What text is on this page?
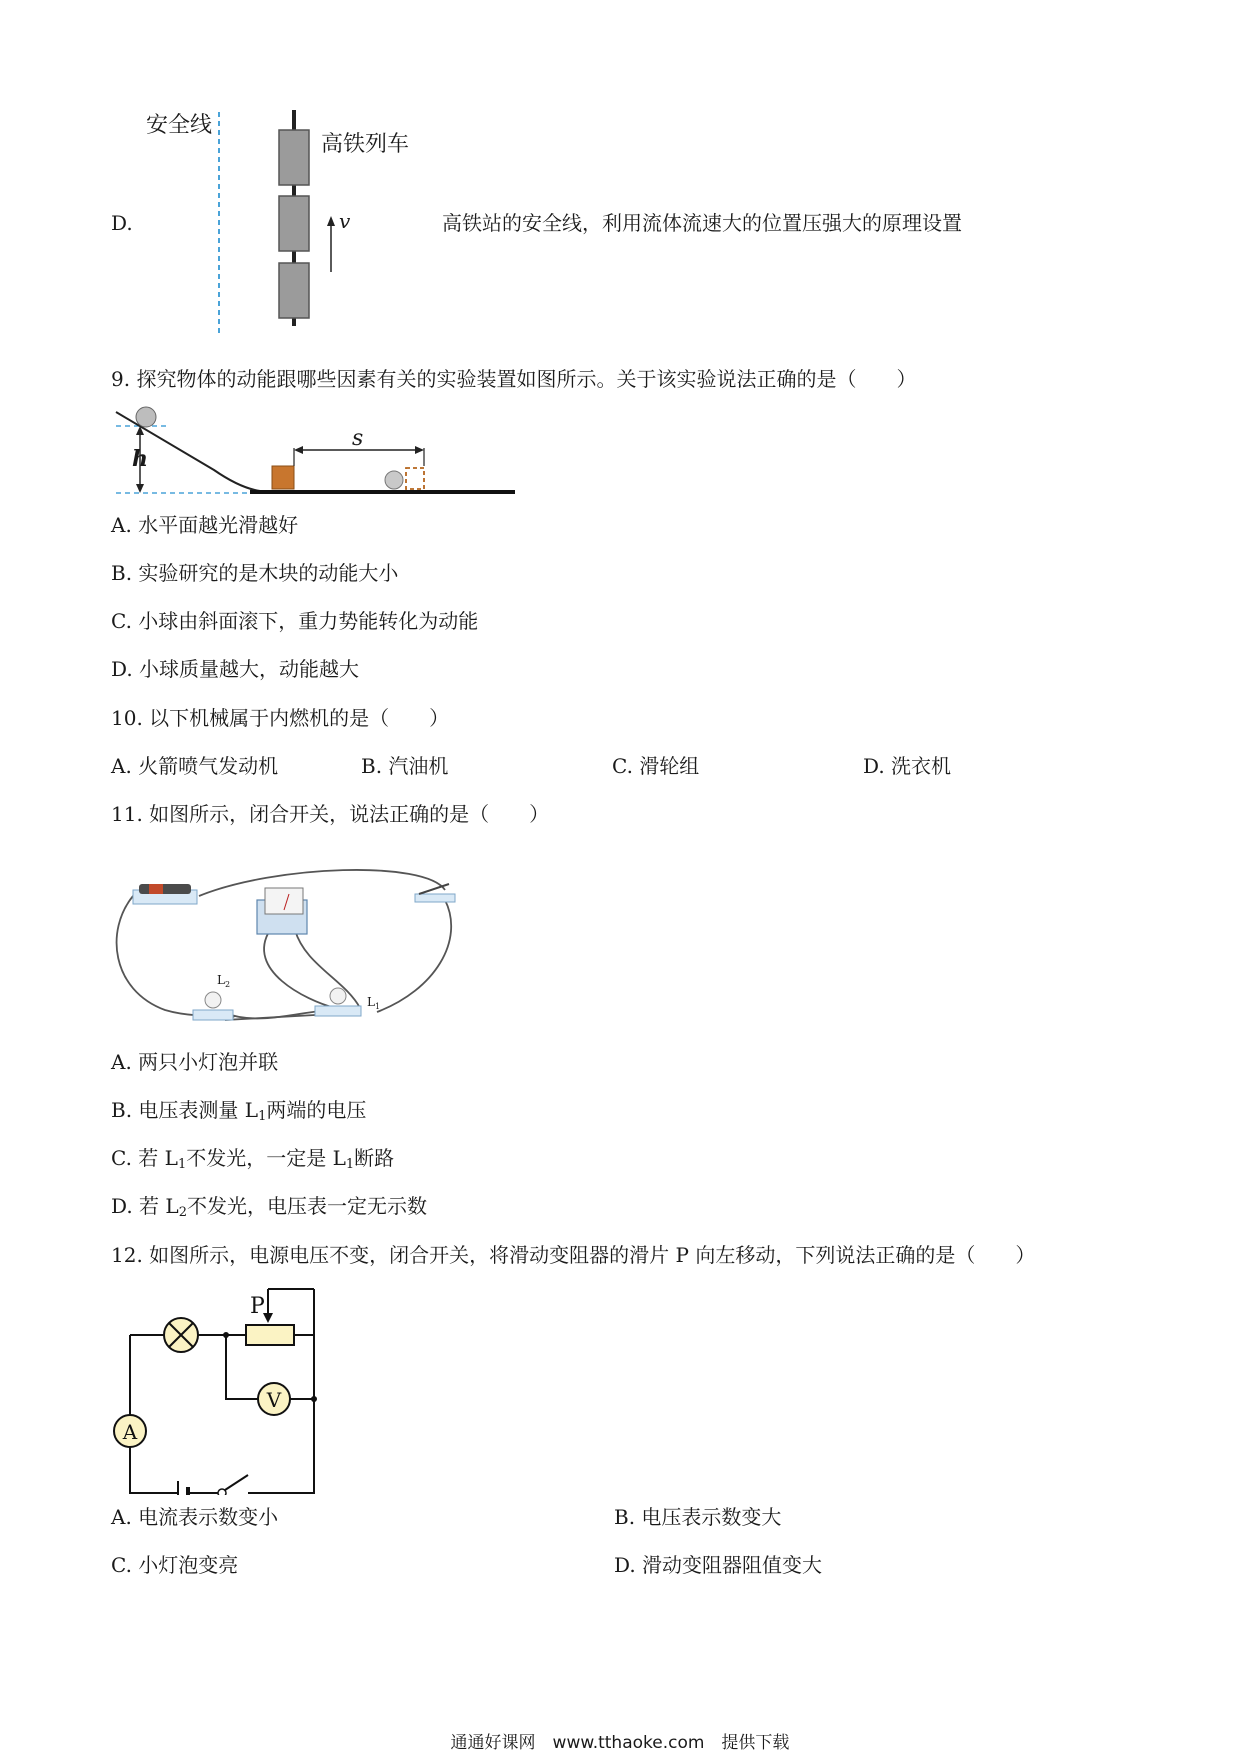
D.
安全线
高铁列车
v	高铁站的安全线，利用流体流速大的位置压强大的原理设置
9. 探究物体的动能跟哪些因素有关的实验装置如图所示。关于该实验说法正确的是（　　）
h
s
A. 水平面越光滑越好
B. 实验研究的是木块的动能大小
C. 小球由斜面滚下，重力势能转化为动能
D. 小球质量越大，动能越大
10. 以下机械属于内燃机的是（　　）
A. 火箭喷气发动机	B. 汽油机	C. 滑轮组	D. 洗衣机
11. 如图所示，闭合开关，说法正确的是（　　）
$L_2$
$L_1$
A. 两只小灯泡并联
B. 电压表测量 $L_1$两端的电压
C. 若 $L_1$不发光，一定是 $L_1$断路
D. 若 $L_2$不发光，电压表一定无示数
12. 如图所示，电源电压不变，闭合开关，将滑动变阻器的滑片 P 向左移动，下列说法正确的是（　　）
P
A
V
A. 电流表示数变小	B. 电压表示数变大
C. 小灯泡变亮	D. 滑动变阻器阻值变大
通通好课网　www.tthaoke.com　提供下载
